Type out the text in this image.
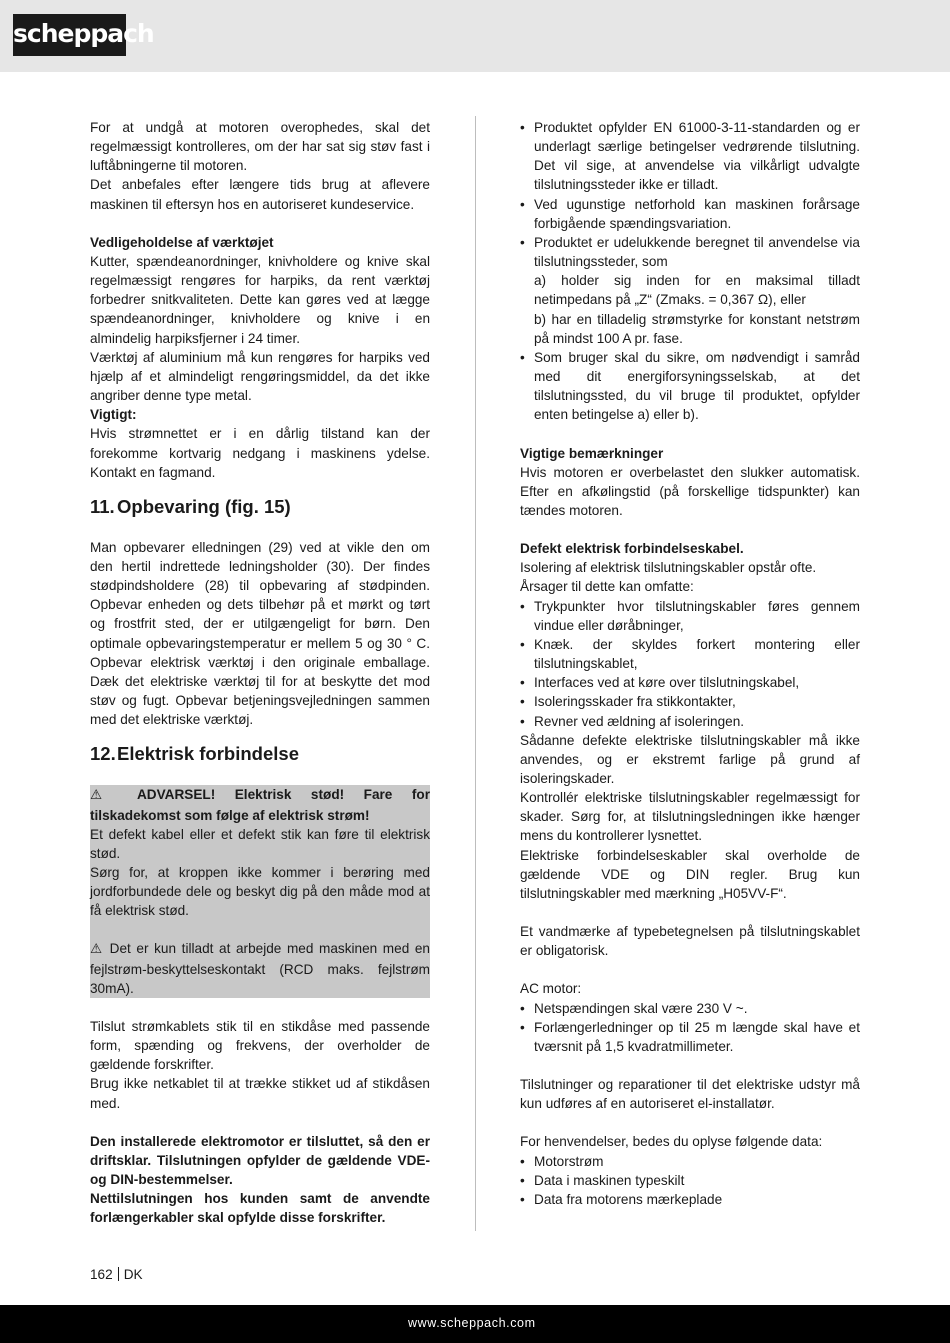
scheppach

For at undgå at motoren overophedes, skal det regelmæssigt kontrolleres, om der har sat sig støv fast i luftåbningerne til motoren.

Det anbefales efter længere tids brug at aflevere maskinen til eftersyn hos en autoriseret kundeservice.

Vedligeholdelse af værktøjet

Kutter, spændeanordninger, knivholdere og knive skal regelmæssigt rengøres for harpiks, da rent værktøj forbedrer snitkvaliteten. Dette kan gøres ved at lægge spændeanordninger, knivholdere og knive i en almindelig harpiksfjerner i 24 timer.

Værktøj af aluminium må kun rengøres for harpiks ved hjælp af et almindeligt rengøringsmiddel, da det ikke angriber denne type metal.

Vigtigt:

Hvis strømnettet er i en dårlig tilstand kan der forekomme kortvarig nedgang i maskinens ydelse. Kontakt en fagmand.

11. Opbevaring (fig. 15)

Man opbevarer elledningen (29) ved at vikle den om den hertil indrettede ledningsholder (30). Der findes stødpindsholdere (28) til opbevaring af stødpinden. Opbevar enheden og dets tilbehør på et mørkt og tørt og frostfrit sted, der er utilgængeligt for børn. Den optimale opbevaringstemperatur er mellem 5 og 30 ° C. Opbevar elektrisk værktøj i den originale emballage. Dæk det elektriske værktøj til for at beskytte det mod støv og fugt. Opbevar betjeningsvejledningen sammen med det elektriske værktøj.

12.Elektrisk forbindelse

⚠ ADVARSEL! Elektrisk stød! Fare for tilskadekomst som følge af elektrisk strøm!

Et defekt kabel eller et defekt stik kan føre til elektrisk stød.

Sørg for, at kroppen ikke kommer i berøring med jordforbundede dele og beskyt dig på den måde mod at få elektrisk stød.

⚠ Det er kun tilladt at arbejde med maskinen med en fejlstrøm-beskyttelseskontakt (RCD maks. fejlstrøm 30mA).

Tilslut strømkablets stik til en stikdåse med passende form, spænding og frekvens, der overholder de gældende forskrifter.

Brug ikke netkablet til at trække stikket ud af stikdåsen med.

Den installerede elektromotor er tilsluttet, så den er driftsklar. Tilslutningen opfylder de gældende VDE- og DIN-bestemmelser.

Nettilslutningen hos kunden samt de anvendte forlængerkabler skal opfylde disse forskrifter.

• Produktet opfylder EN 61000-3-11-standarden og er underlagt særlige betingelser vedrørende tilslutning. Det vil sige, at anvendelse via vilkårligt udvalgte tilslutningssteder ikke er tilladt.
• Ved ugunstige netforhold kan maskinen forårsage forbigående spændingsvariation.
• Produktet er udelukkende beregnet til anvendelse via tilslutningssteder, som

a) holder sig inden for en maksimal tilladt netimpedans på „Z“ (Zmaks. = 0,367 Ω), eller

b) har en tilladelig strømstyrke for konstant netstrøm på mindst 100 A pr. fase.

• Som bruger skal du sikre, om nødvendigt i samråd med dit energiforsyningsselskab, at det tilslutningssted, du vil bruge til produktet, opfylder enten betingelse a) eller b).

Vigtige bemærkninger

Hvis motoren er overbelastet den slukker automatisk. Efter en afkølingstid (på forskellige tidspunkter) kan tændes motoren.

Defekt elektrisk forbindelseskabel.

Isolering af elektrisk tilslutningskabler opstår ofte.

Årsager til dette kan omfatte:

• Trykpunkter hvor tilslutningskabler føres gennem vindue eller døråbninger,
• Knæk. der skyldes forkert montering eller tilslutningskablet,
• Interfaces ved at køre over tilslutningskabel,
• Isoleringsskader fra stikkontakter,
• Revner ved ældning af isoleringen.

Sådanne defekte elektriske tilslutningskabler må ikke anvendes, og er ekstremt farlige på grund af isoleringskader.

Kontrollér elektriske tilslutningskabler regelmæssigt for skader. Sørg for, at tilslutningsledningen ikke hænger mens du kontrollerer lysnettet.

Elektriske forbindelseskabler skal overholde de gældende VDE og DIN regler. Brug kun tilslutningskabler med mærkning „H05VV-F“.

Et vandmærke af typebetegnelsen på tilslutningskablet er obligatorisk.

AC motor:

• Netspændingen skal være 230 V ~.
• Forlængerledninger op til 25 m længde skal have et tværsnit på 1,5 kvadratmillimeter.

Tilslutninger og reparationer til det elektriske udstyr må kun udføres af en autoriseret el-installatør.

For henvendelser, bedes du oplyse følgende data:

• Motorstrøm
• Data i maskinen typeskilt
• Data fra motorens mærkeplade
162 DK
www.scheppach.com
